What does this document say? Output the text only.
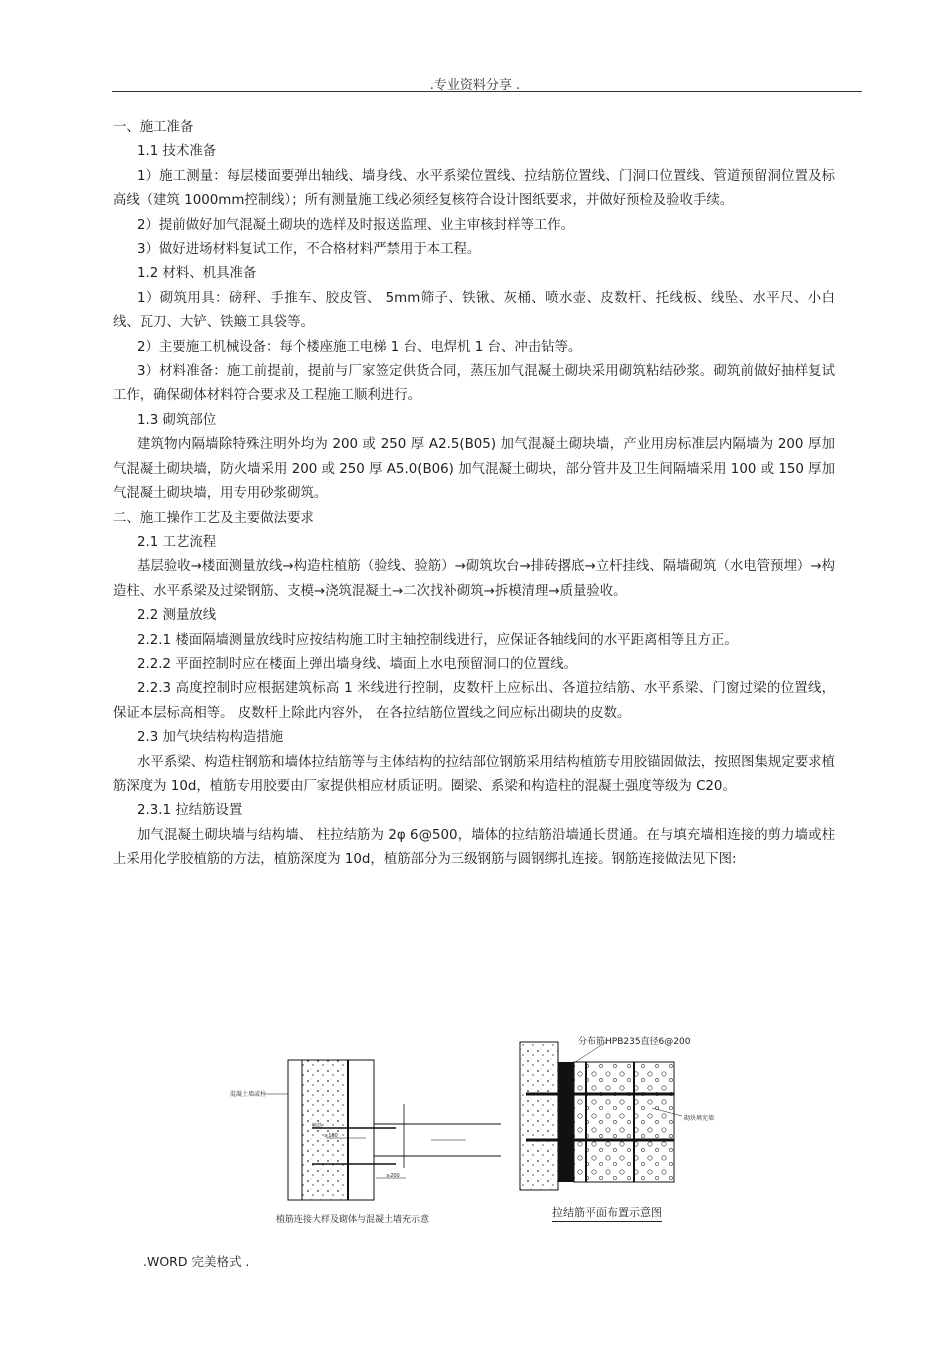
.专业资料分享 .

一、施工准备

1.1 技术准备

1）施工测量：每层楼面要弹出轴线、墙身线、水平系梁位置线、拉结筋位置线、门洞口位置线、管道预留洞位置及标高线（建筑 1000mm控制线）；所有测量施工线必须经复核符合设计图纸要求，并做好预检及验收手续。

2）提前做好加气混凝土砌块的选样及时报送监理、业主审核封样等工作。

3）做好进场材料复试工作，不合格材料严禁用于本工程。

1.2 材料、机具准备

1）砌筑用具：磅秤、手推车、胶皮管、 5mm筛子、铁锹、灰桶、喷水壶、皮数杆、托线板、线坠、水平尺、小白线、瓦刀、大铲、铁簸工具袋等。

2）主要施工机械设备：每个楼座施工电梯 1 台、电焊机 1 台、冲击钻等。

3）材料准备：施工前提前，提前与厂家签定供货合同，蒸压加气混凝土砌块采用砌筑粘结砂浆。砌筑前做好抽样复试工作，确保砌体材料符合要求及工程施工顺利进行。

1.3 砌筑部位

建筑物内隔墙除特殊注明外均为 200 或 250 厚 A2.5(B05) 加气混凝土砌块墙，产业用房标准层内隔墙为 200 厚加气混凝土砌块墙，防火墙采用 200 或 250 厚 A5.0(B06) 加气混凝土砌块，部分管井及卫生间隔墙采用 100 或 150 厚加气混凝土砌块墙，用专用砂浆砌筑。

二、施工操作工艺及主要做法要求

2.1 工艺流程

基层验收→楼面测量放线→构造柱植筋（验线、验筋）→砌筑坎台→排砖撂底→立杆挂线、隔墙砌筑（水电管预埋）→构造柱、水平系梁及过梁钢筋、支模→浇筑混凝土→二次找补砌筑→拆模清理→质量验收。

2.2 测量放线

2.2.1 楼面隔墙测量放线时应按结构施工时主轴控制线进行，应保证各轴线间的水平距离相等且方正。

2.2.2 平面控制时应在楼面上弹出墙身线、墙面上水电预留洞口的位置线。

2.2.3 高度控制时应根据建筑标高 1 米线进行控制，皮数杆上应标出、各道拉结筋、水平系梁、门窗过梁的位置线， 保证本层标高相等。 皮数杆上除此内容外， 在各拉结筋位置线之间应标出砌块的皮数。

2.3 加气块结构构造措施

水平系梁、构造柱钢筋和墙体拉结筋等与主体结构的拉结部位钢筋采用结构植筋专用胶锚固做法，按照图集规定要求植筋深度为 10d，植筋专用胶要由厂家提供相应材质证明。圈梁、系梁和构造柱的混凝土强度等级为 C20。

2.3.1 拉结筋设置

加气混凝土砌块墙与结构墙、 柱拉结筋为 2φ 6@500，墙体的拉结筋沿墙通长贯通。在与填充墙相连接的剪力墙或柱上采用化学胶植筋的方法，植筋深度为 10d，植筋部分为三级钢筋与圆钢绑扎连接。钢筋连接做法见下图:

混凝土墙或柱
植筋
≥100
≥200
分布筋HPB235直径6@200
砌块填充墙
植筋连接大样及砌体与混凝土墙充示意
拉结筋平面布置示意图
.WORD 完美格式 .
